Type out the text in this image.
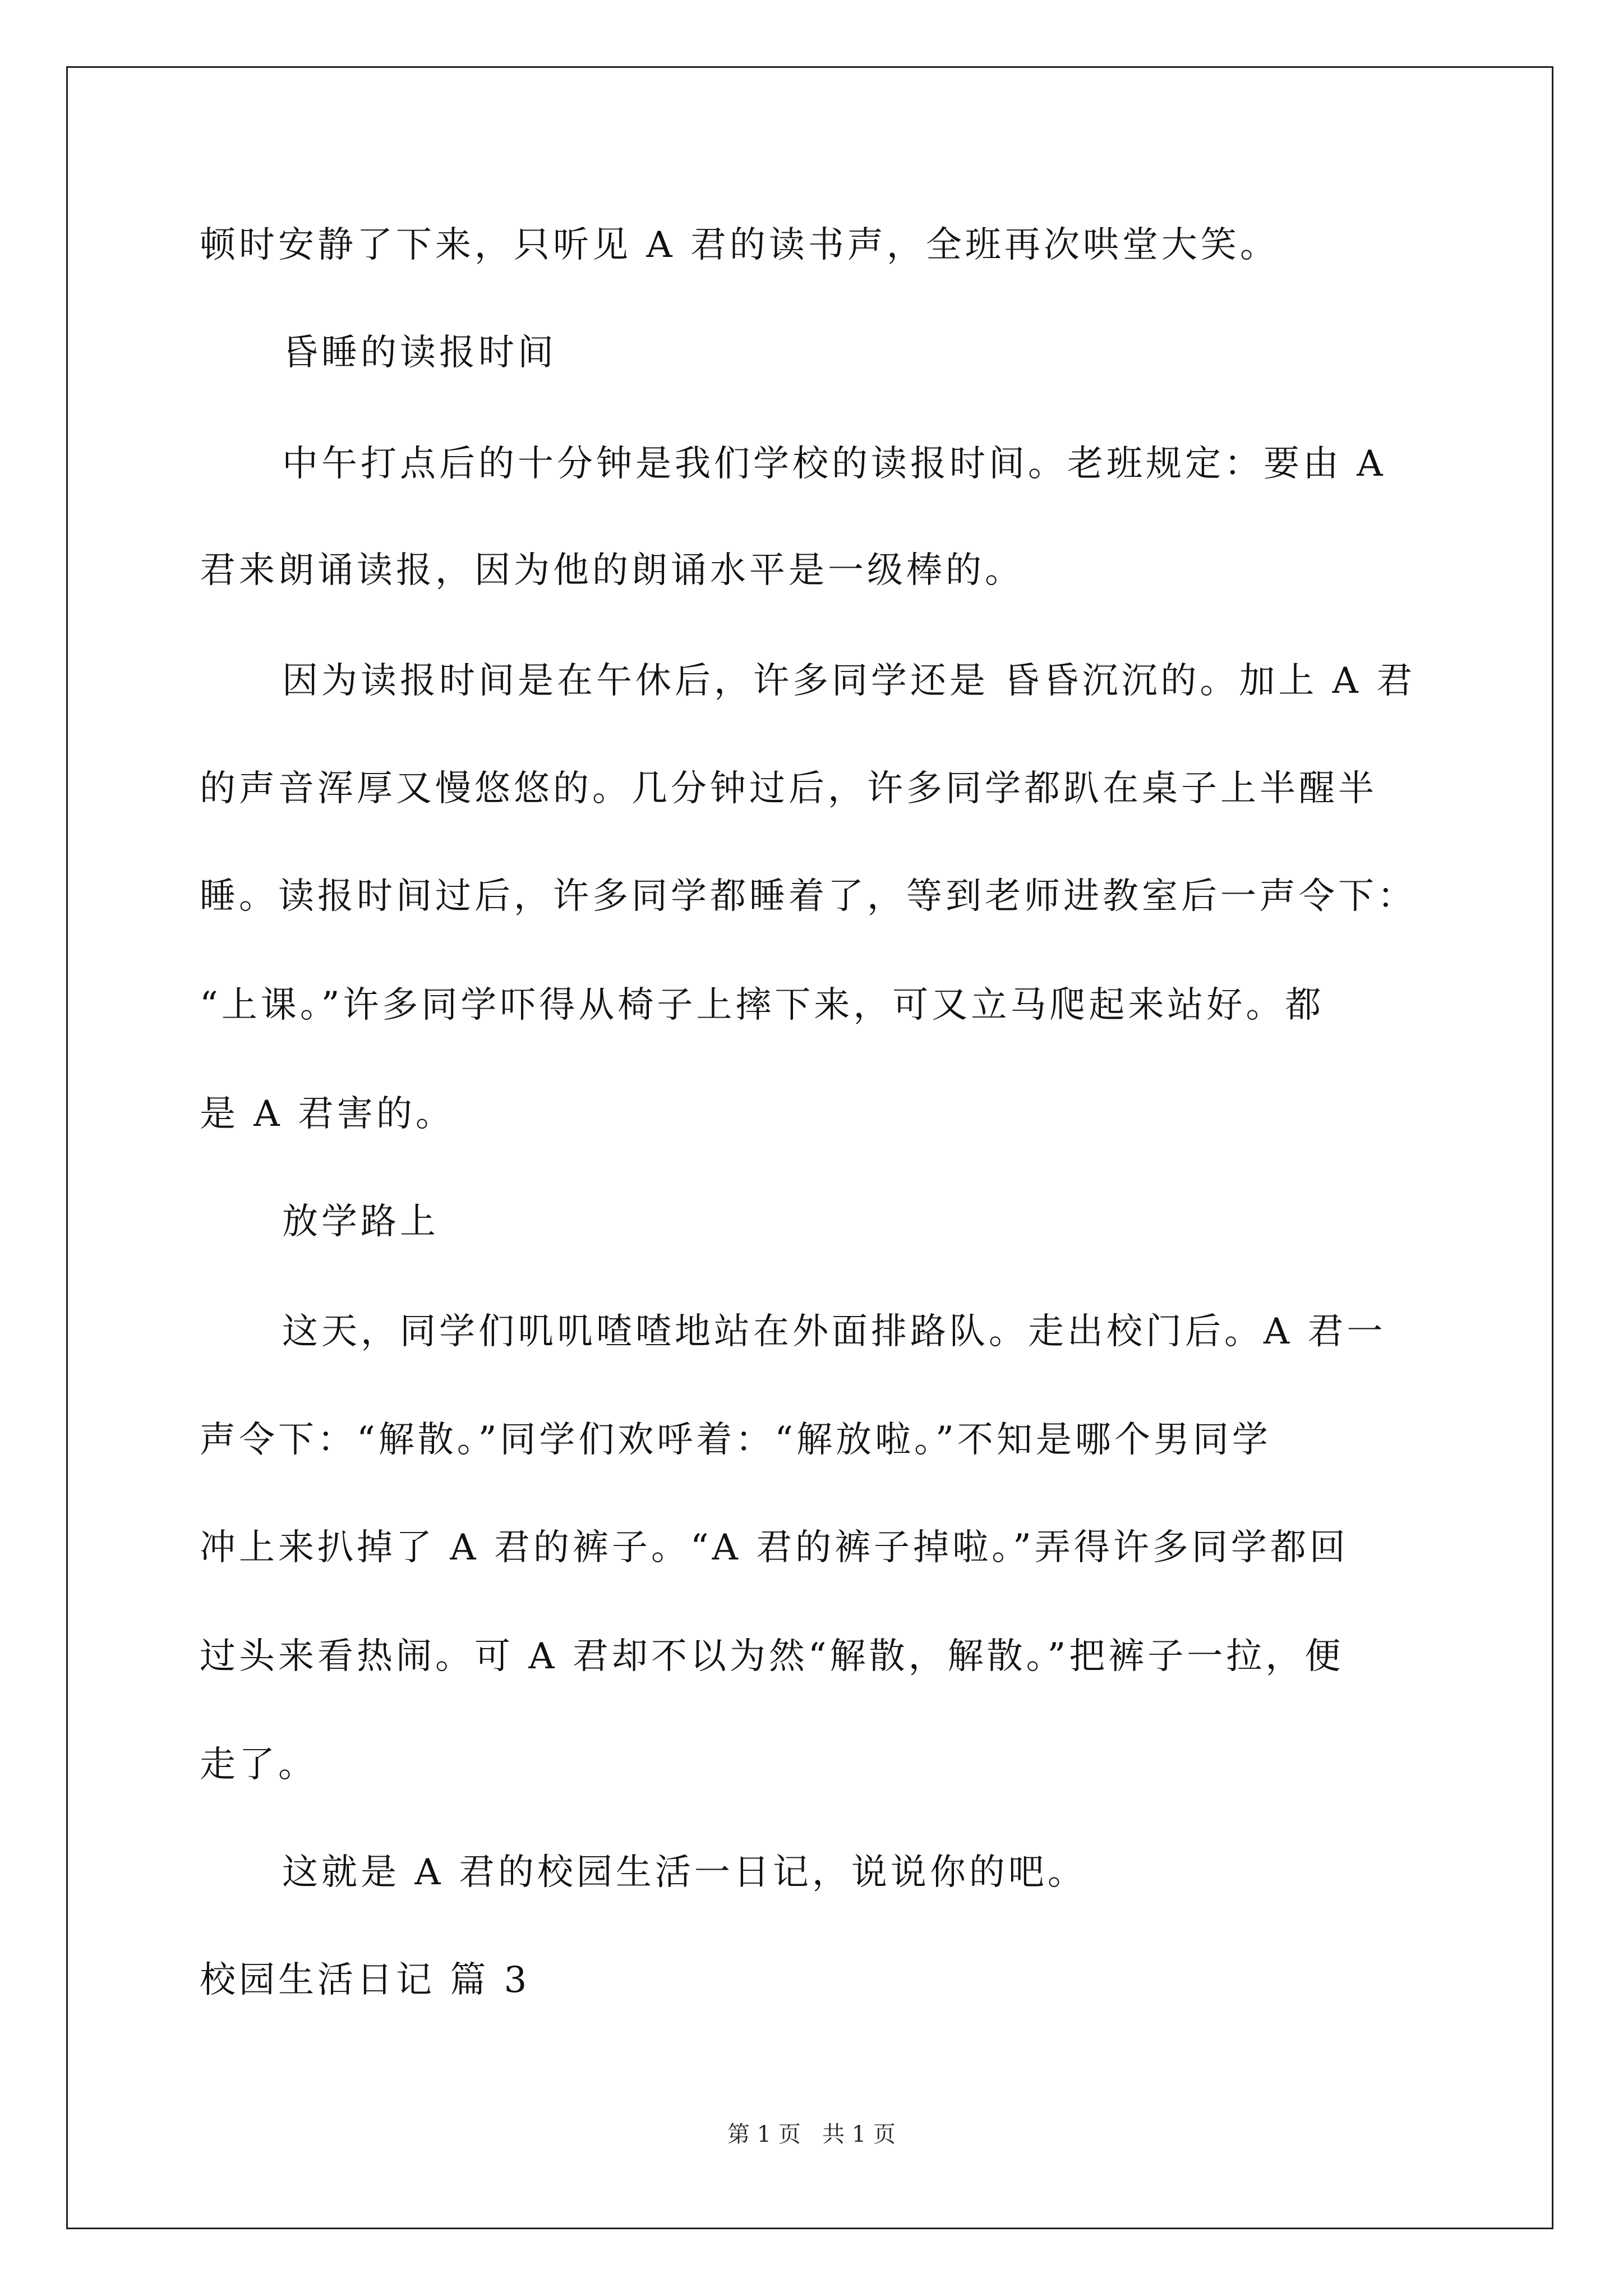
顿时安静了下来，只听见 A 君的读书声，全班再次哄堂大笑。
昏睡的读报时间
中午打点后的十分钟是我们学校的读报时间。老班规定：要由 A
君来朗诵读报，因为他的朗诵水平是一级棒的。
因为读报时间是在午休后，许多同学还是 昏昏沉沉的。加上 A 君
的声音浑厚又慢悠悠的。几分钟过后，许多同学都趴在桌子上半醒半
睡。读报时间过后，许多同学都睡着了，等到老师进教室后一声令下：
“上课。”许多同学吓得从椅子上摔下来，可又立马爬起来站好。都
是 A 君害的。
放学路上
这天，同学们叽叽喳喳地站在外面排路队。走出校门后。A 君一
声令下：“解散。”同学们欢呼着：“解放啦。”不知是哪个男同学
冲上来扒掉了 A 君的裤子。“A 君的裤子掉啦。”弄得许多同学都回
过头来看热闹。可 A 君却不以为然“解散，解散。”把裤子一拉，便
走了。
这就是 A 君的校园生活一日记，说说你的吧。
校园生活日记 篇 3
第 1 页   共 1 页
